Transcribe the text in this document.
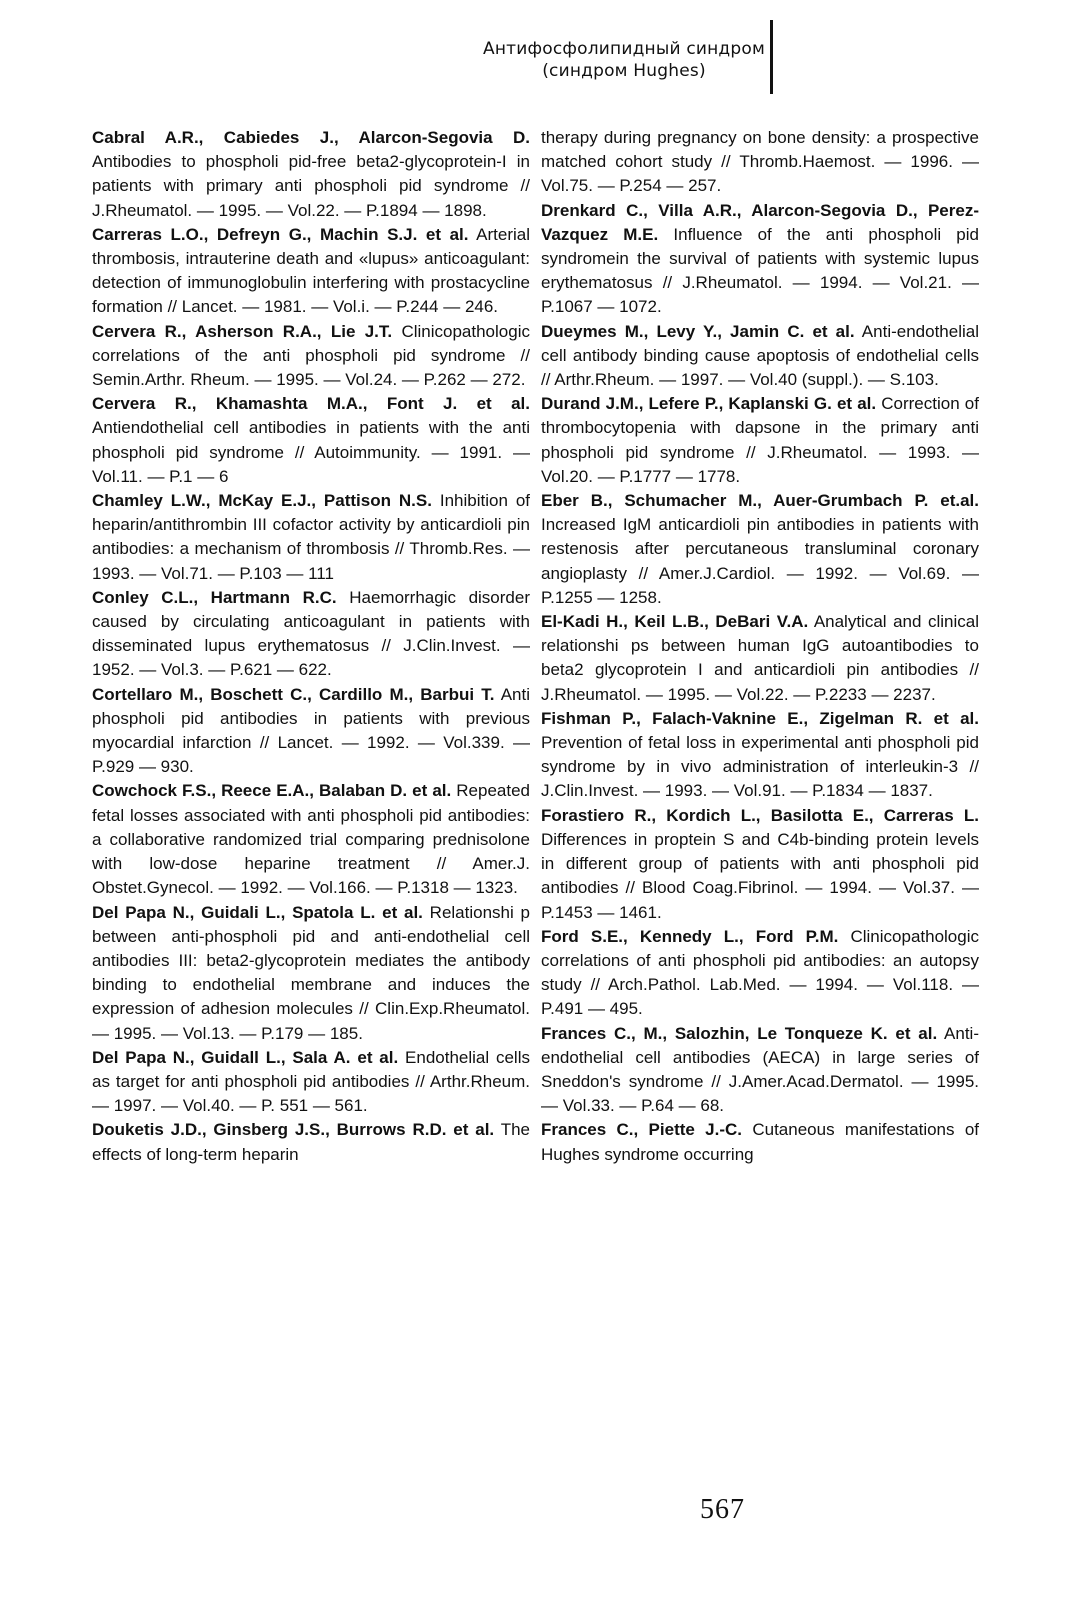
Антифосфолипидный синдром
(синдром Hughes)

Cabral A.R., Cabiedes J., Alarcon-Segovia D. Antibodies to phospholi pid-free beta2-glycoprotein-I in patients with primary anti phospholi pid syndrome // J.Rheumatol. — 1995. — Vol.22. — P.1894 — 1898.

Carreras L.O., Defreyn G., Machin S.J. et al. Arterial thrombosis, intrauterine death and «lupus» anticoagulant: detection of immunoglobulin interfering with prostacycline formation // Lancet. — 1981. — Vol.i. — P.244 — 246.

Cervera R., Asherson R.A., Lie J.T. Clinicopathologic correlations of the anti phospholi pid syndrome // Semin.Arthr. Rheum. — 1995. — Vol.24. — P.262 — 272.

Cervera R., Khamashta M.A., Font J. et al. Antiendothelial cell antibodies in patients with the anti phospholi pid syndrome // Autoimmunity. — 1991. — Vol.11. — P.1 — 6

Chamley L.W., McKay E.J., Pattison N.S. Inhibition of heparin/antithrombin III cofactor activity by anticardioli pin antibodies: a mechanism of thrombosis // Thromb.Res. — 1993. — Vol.71. — P.103 — 111

Conley C.L., Hartmann R.C. Haemorrhagic disorder caused by circulating anticoagulant in patients with disseminated lupus erythematosus // J.Clin.Invest. — 1952. — Vol.3. — P.621 — 622.

Cortellaro M., Boschett C., Cardillo M., Barbui T. Anti phospholi pid antibodies in patients with previous myocardial infarction // Lancet. — 1992. — Vol.339. — P.929 — 930.

Cowchock F.S., Reece E.A., Balaban D. et al. Repeated fetal losses associated with anti phospholi pid antibodies: a collaborative randomized trial comparing prednisolone with low-dose heparine treatment // Amer.J. Obstet.Gynecol. — 1992. — Vol.166. — P.1318 — 1323.

Del Papa N., Guidali L., Spatola L. et al. Relationshi p between anti-phospholi pid and anti-endothelial cell antibodies III: beta2-glycoprotein mediates the antibody binding to endothelial membrane and induces the expression of adhesion molecules // Clin.Exp.Rheumatol. — 1995. — Vol.13. — P.179 — 185.

Del Papa N., Guidall L., Sala A. et al. Endothelial cells as target for anti phospholi pid antibodies // Arthr.Rheum. — 1997. — Vol.40. — P. 551 — 561.

Douketis J.D., Ginsberg J.S., Burrows R.D. et al. The effects of long-term heparin

therapy during pregnancy on bone density: a prospective matched cohort study // Thromb.Haemost. — 1996. — Vol.75. — P.254 — 257.

Drenkard C., Villa A.R., Alarcon-Segovia D., Perez-Vazquez M.E. Influence of the anti phospholi pid syndromein the survival of patients with systemic lupus erythematosus // J.Rheumatol. — 1994. — Vol.21. — P.1067 — 1072.

Dueymes M., Levy Y., Jamin C. et al. Anti-endothelial cell antibody binding cause apoptosis of endothelial cells // Arthr.Rheum. — 1997. — Vol.40 (suppl.). — S.103.

Durand J.M., Lefere P., Kaplanski G. et al. Correction of thrombocytopenia with dapsone in the primary anti phospholi pid syndrome // J.Rheumatol. — 1993. — Vol.20. — P.1777 — 1778.

Eber B., Schumacher M., Auer-Grumbach P. et.al. Increased IgM anticardioli pin antibodies in patients with restenosis after percutaneous transluminal coronary angioplasty // Amer.J.Cardiol. — 1992. — Vol.69. — P.1255 — 1258.

El-Kadi H., Keil L.B., DeBari V.A. Analytical and clinical relationshi ps between human IgG autoantibodies to beta2 glycoprotein I and anticardioli pin antibodies // J.Rheumatol. — 1995. — Vol.22. — P.2233 — 2237.

Fishman P., Falach-Vaknine E., Zigelman R. et al. Prevention of fetal loss in experimental anti phospholi pid syndrome by in vivo administration of interleukin-3 // J.Clin.Invest. — 1993. — Vol.91. — P.1834 — 1837.

Forastiero R., Kordich L., Basilotta E., Carreras L. Differences in proptein S and C4b-binding protein levels in different group of patients with anti phospholi pid antibodies // Blood Coag.Fibrinol. — 1994. — Vol.37. — P.1453 — 1461.

Ford S.E., Kennedy L., Ford P.M. Clinicopathologic correlations of anti phospholi pid antibodies: an autopsy study // Arch.Pathol. Lab.Med. — 1994. — Vol.118. — P.491 — 495.

Frances C., M., Salozhin, Le Tonqueze K. et al. Anti-endothelial cell antibodies (AECA) in large series of Sneddon's syndrome // J.Amer.Acad.Dermatol. — 1995. — Vol.33. — P.64 — 68.

Frances C., Piette J.-C. Cutaneous manifestations of Hughes syndrome occurring

567
